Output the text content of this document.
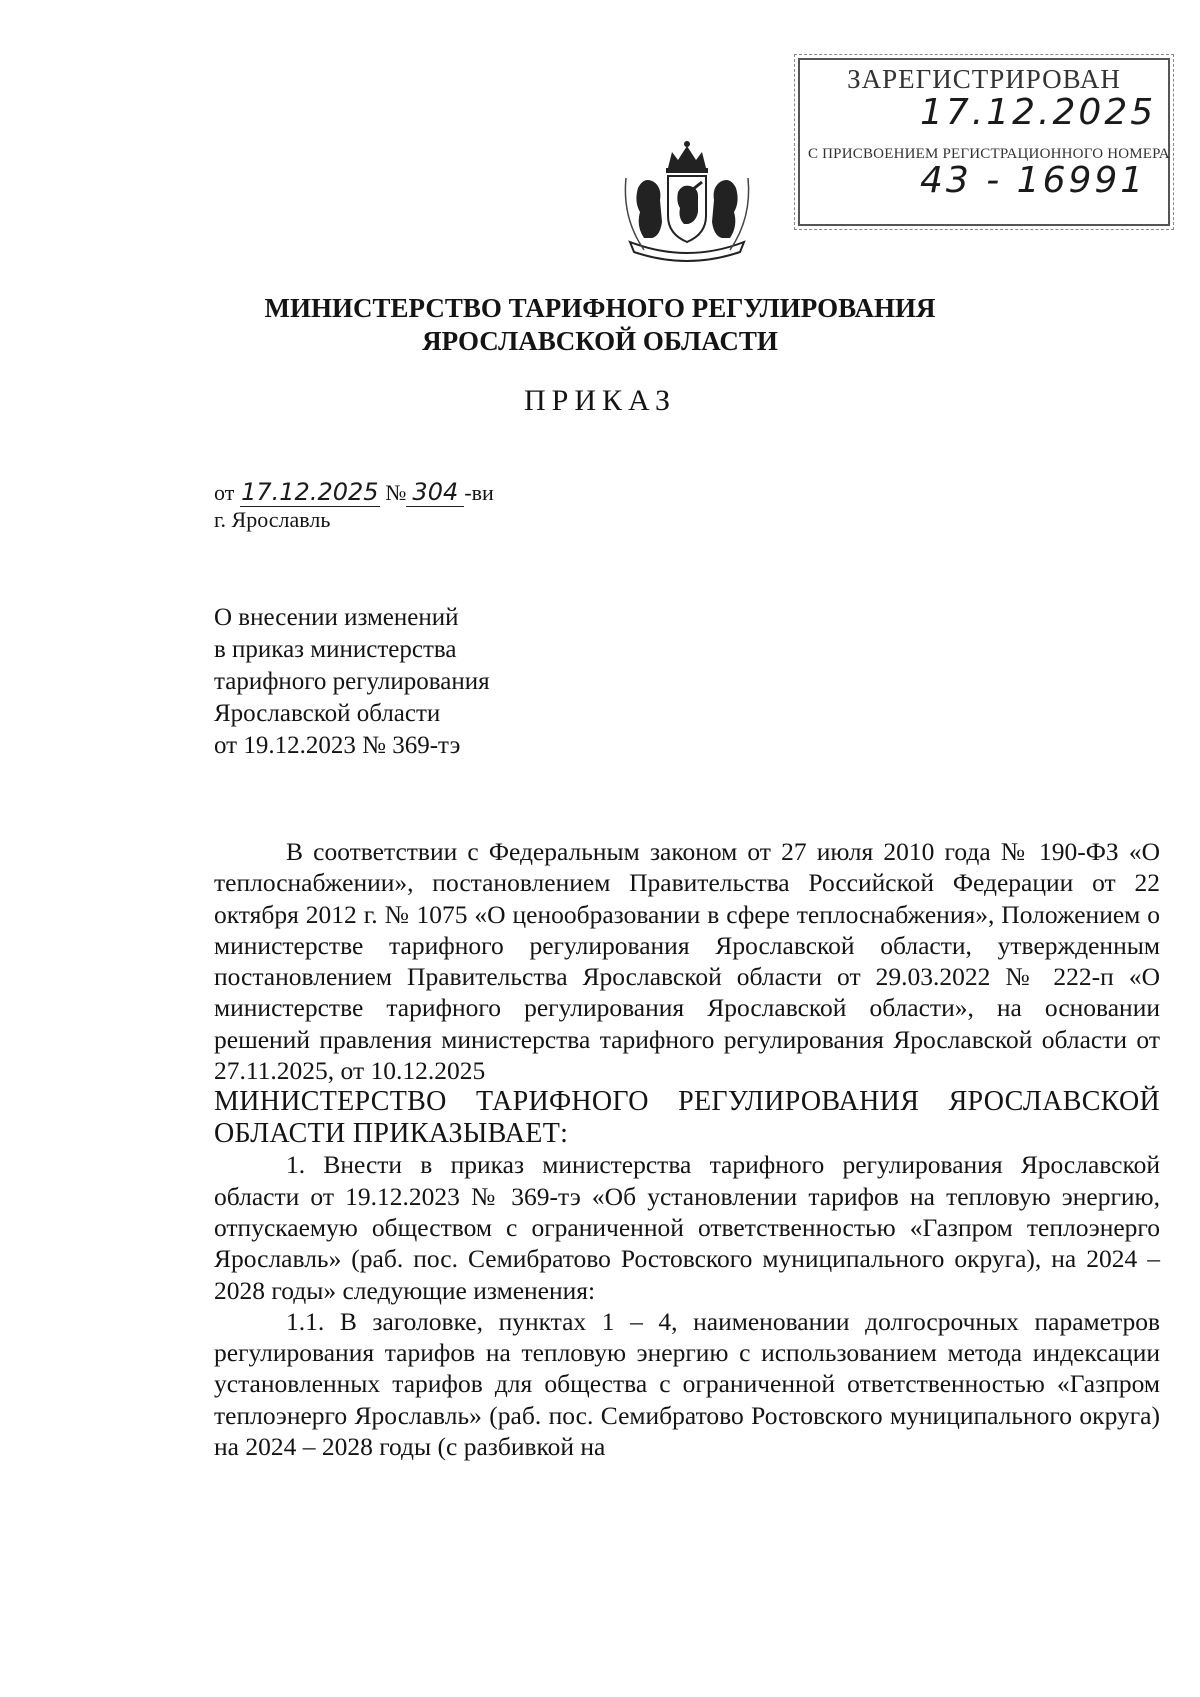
ЗАРЕГИСТРИРОВАН
17.12.2025
С ПРИСВОЕНИЕМ РЕГИСТРАЦИОННОГО НОМЕРА
43 - 16991
МИНИСТЕРСТВО ТАРИФНОГО РЕГУЛИРОВАНИЯ
ЯРОСЛАВСКОЙ ОБЛАСТИ
ПРИКАЗ
от 17.12.2025 № 304 -ви
г. Ярославль
О внесении изменений
в приказ министерства
тарифного регулирования
Ярославской области
от 19.12.2023 № 369-тэ

В соответствии с Федеральным законом от 27 июля 2010 года № 190-ФЗ «О теплоснабжении», постановлением Правительства Российской Федерации от 22 октября 2012 г. № 1075 «О ценообразовании в сфере теплоснабжения», Положением о министерстве тарифного регулирования Ярославской области, утвержденным постановлением Правительства Ярославской области от 29.03.2022 № 222-п «О министерстве тарифного регулирования Ярославской области», на основании решений правления министерства тарифного регулирования Ярославской области от 27.11.2025, от 10.12.2025

МИНИСТЕРСТВО ТАРИФНОГО РЕГУЛИРОВАНИЯ ЯРОСЛАВСКОЙ ОБЛАСТИ ПРИКАЗЫВАЕТ:

1. Внести в приказ министерства тарифного регулирования Ярославской области от 19.12.2023 № 369-тэ «Об установлении тарифов на тепловую энергию, отпускаемую обществом с ограниченной ответственностью «Газпром теплоэнерго Ярославль» (раб. пос. Семибратово Ростовского муниципального округа), на 2024 – 2028 годы» следующие изменения:

1.1. В заголовке, пунктах 1 – 4, наименовании долгосрочных параметров регулирования тарифов на тепловую энергию с использованием метода индексации установленных тарифов для общества с ограниченной ответственностью «Газпром теплоэнерго Ярославль» (раб. пос. Семибратово Ростовского муниципального округа) на 2024 – 2028 годы (с разбивкой на
